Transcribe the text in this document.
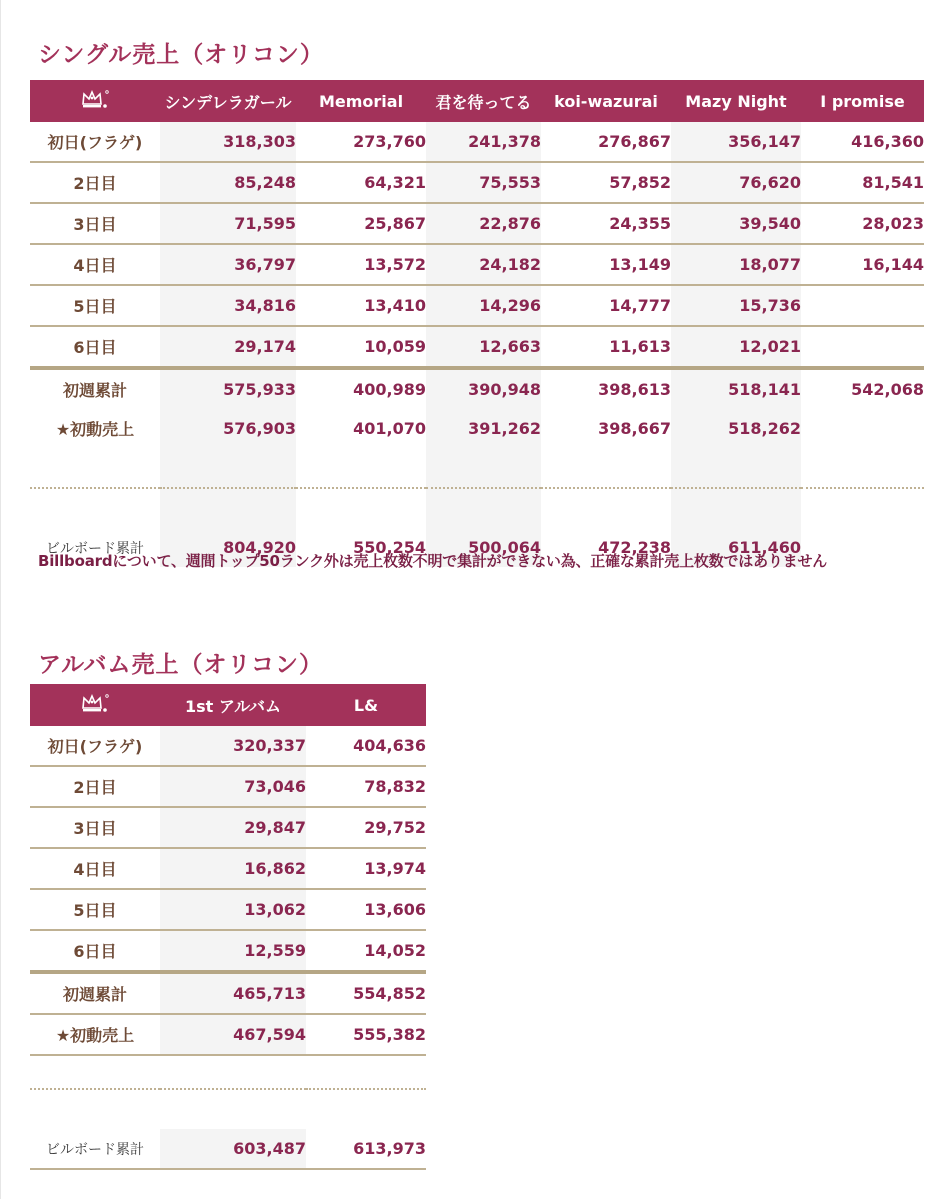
シングル売上（オリコン）
	シンデレラガール	Memorial	君を待ってる	koi-wazurai	Mazy Night	I promise
初日(フラゲ)	318,303	273,760	241,378	276,867	356,147	416,360
2日目	85,248	64,321	75,553	57,852	76,620	81,541
3日目	71,595	25,867	22,876	24,355	39,540	28,023
4日目	36,797	13,572	24,182	13,149	18,077	16,144
5日目	34,816	13,410	14,296	14,777	15,736	
6日目	29,174	10,059	12,663	11,613	12,021	
初週累計	575,933	400,989	390,948	398,613	518,141	542,068
★初動売上	576,903	401,070	391,262	398,667	518,262	

ビルボード累計	804,920	550,254	500,064	472,238	611,460	

Billboardについて、週間トップ50ランク外は売上枚数不明で集計ができない為、正確な累計売上枚数ではありません

アルバム売上（オリコン）
	1st アルバム	L&
初日(フラゲ)	320,337	404,636
2日目	73,046	78,832
3日目	29,847	29,752
4日目	16,862	13,974
5日目	13,062	13,606
6日目	12,559	14,052
初週累計	465,713	554,852
★初動売上	467,594	555,382

ビルボード累計	603,487	613,973
